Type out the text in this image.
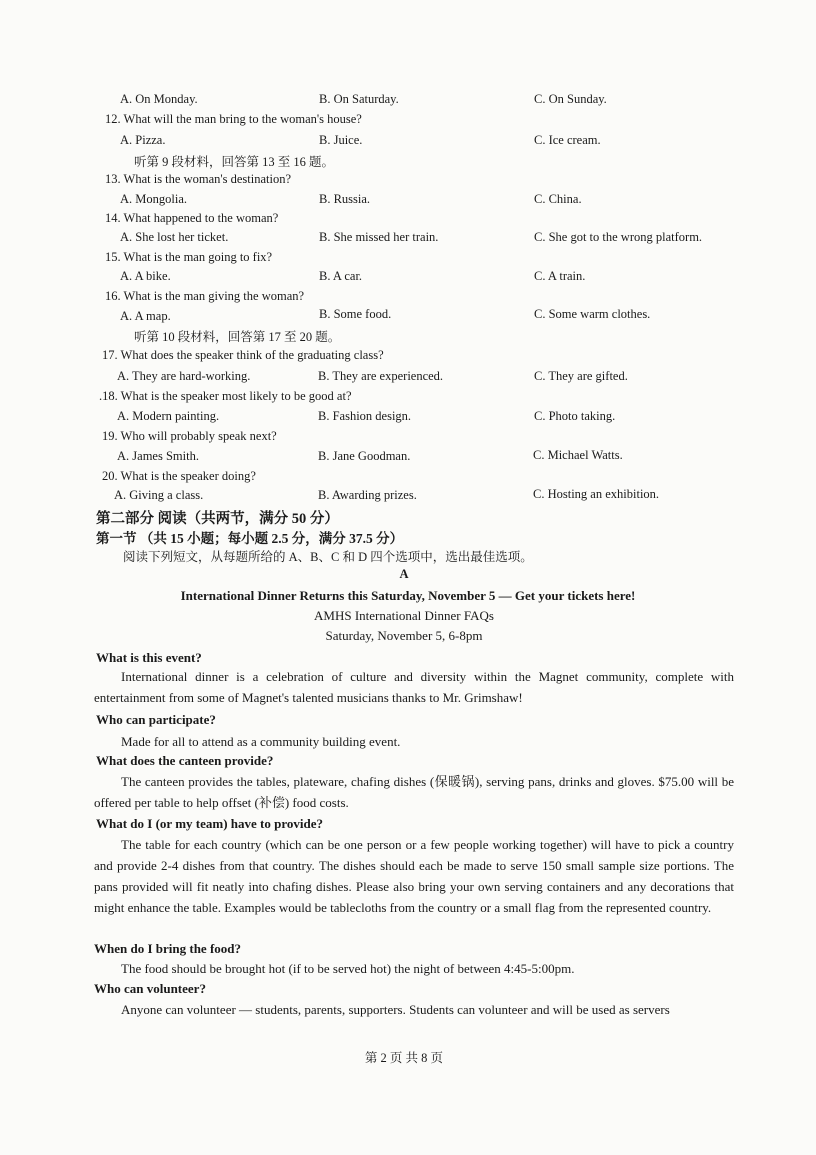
A. On Monday.	B. On Saturday.	C. On Sunday.
12. What will the man bring to the woman's house?
A. Pizza.	B. Juice.	C. Ice cream.
听第 9 段材料，回答第 13 至 16 题。
13. What is the woman's destination?
A. Mongolia.	B. Russia.	C. China.
14. What happened to the woman?
A. She lost her ticket.	B. She missed her train.	C. She got to the wrong platform.
15. What is the man going to fix?
A. A bike.	B. A car.	C. A train.
16. What is the man giving the woman?
A. A map.	B. Some food.	C. Some warm clothes.
听第 10 段材料，回答第 17 至 20 题。
17. What does the speaker think of the graduating class?
A. They are hard-working.	B. They are experienced.	C. They are gifted.
.18. What is the speaker most likely to be good at?
A. Modern painting.	B. Fashion design.	C. Photo taking.
19. Who will probably speak next?
A. James Smith.	B. Jane Goodman.	C. Michael Watts.
20. What is the speaker doing?
A. Giving a class.	B. Awarding prizes.	C. Hosting an exhibition.
第二部分 阅读（共两节，满分 50 分）
第一节 （共 15 小题；每小题 2.5 分，满分 37.5 分）
阅读下列短文，从每题所给的 A、B、C 和 D 四个选项中，选出最佳选项。
A
International Dinner Returns this Saturday, November 5 — Get your tickets here!
AMHS International Dinner FAQs
Saturday, November 5, 6-8pm
What is this event?
International dinner is a celebration of culture and diversity within the Magnet community, complete with entertainment from some of Magnet's talented musicians thanks to Mr. Grimshaw!
Who can participate?
Made for all to attend as a community building event.
What does the canteen provide?
The canteen provides the tables, plateware, chafing dishes (保暖锅), serving pans, drinks and gloves. $75.00 will be offered per table to help offset (补偿) food costs.
What do I (or my team) have to provide?
The table for each country (which can be one person or a few people working together) will have to pick a country and provide 2-4 dishes from that country. The dishes should each be made to serve 150 small sample size portions. The pans provided will fit neatly into chafing dishes. Please also bring your own serving containers and any decorations that might enhance the table. Examples would be tablecloths from the country or a small flag from the represented country.
When do I bring the food?
The food should be brought hot (if to be served hot) the night of between 4:45-5:00pm.
Who can volunteer?
Anyone can volunteer — students, parents, supporters. Students can volunteer and will be used as servers
第 2 页 共 8 页
